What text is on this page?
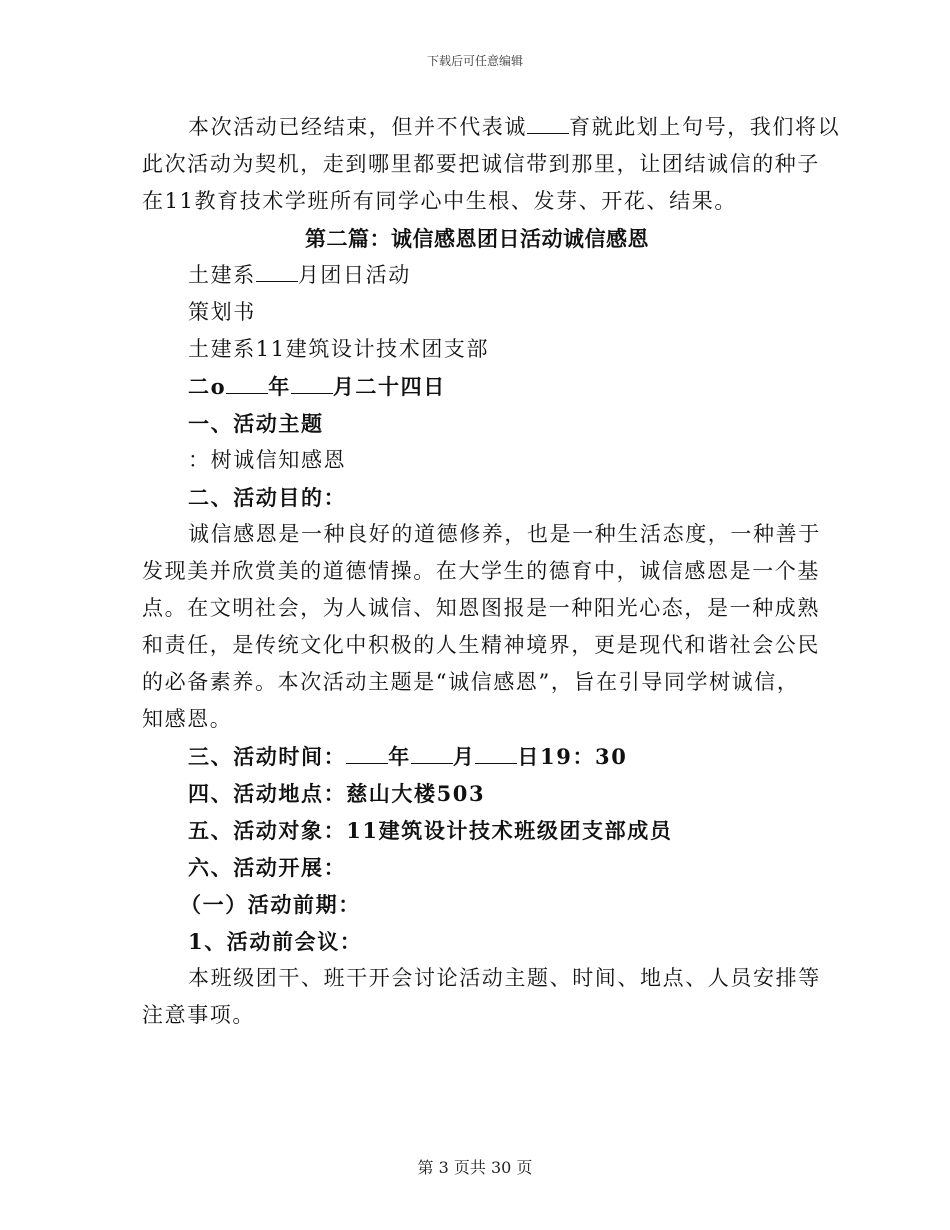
下载后可任意编辑
本次活动已经结束，但并不代表诚 育就此划上句号，我们将以
此次活动为契机，走到哪里都要把诚信带到那里，让团结诚信的种子
在11教育技术学班所有同学心中生根、发芽、开花、结果。
第二篇：诚信感恩团日活动诚信感恩
土建系 月团日活动
策划书
土建系11建筑设计技术团支部
二o 年 月二十四日
一、活动主题
：树诚信知感恩
二、活动目的：
诚信感恩是一种良好的道德修养，也是一种生活态度，一种善于
发现美并欣赏美的道德情操。在大学生的德育中，诚信感恩是一个基
点。在文明社会，为人诚信、知恩图报是一种阳光心态，是一种成熟
和责任，是传统文化中积极的人生精神境界，更是现代和谐社会公民
的必备素养。本次活动主题是“诚信感恩”，旨在引导同学树诚信，
知感恩。
三、活动时间： 年 月 日19：30
四、活动地点：慈山大楼503
五、活动对象：11建筑设计技术班级团支部成员
六、活动开展：
（一）活动前期：
1、活动前会议：
本班级团干、班干开会讨论活动主题、时间、地点、人员安排等
注意事项。
第 3 页共 30 页
